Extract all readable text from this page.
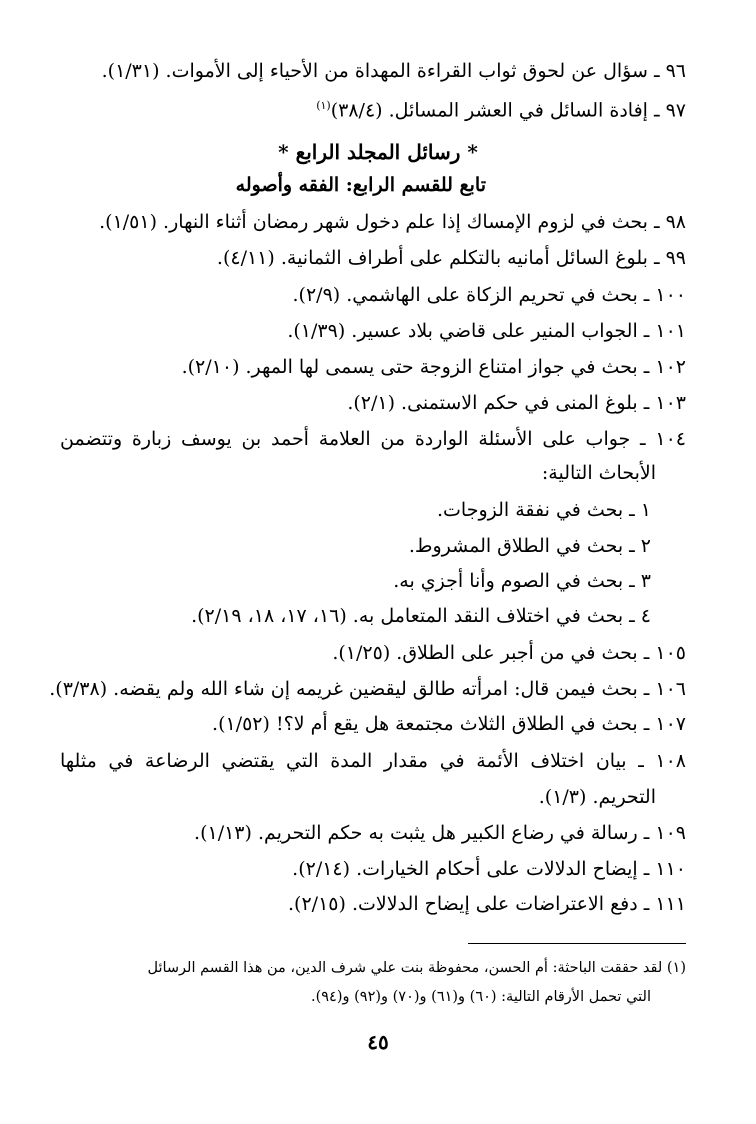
٩٦ ـ سؤال عن لحوق ثواب القراءة المهداة من الأحياء إلى الأموات. (١/٣١).
٩٧ ـ إفادة السائل في العشر المسائل. (٣٨/٤)$^{(١)}$
* رسائل المجلد الرابع *
تابع للقسم الرابع: الفقه وأصوله
٩٨ ـ بحث في لزوم الإمساك إذا علم دخول شهر رمضان أثناء النهار. (١/٥١).
٩٩ ـ بلوغ السائل أمانيه بالتكلم على أطراف الثمانية. (٤/١١).
١٠٠ ـ بحث في تحريم الزكاة على الهاشمي. (٢/٩).
١٠١ ـ الجواب المنير على قاضي بلاد عسير. (١/٣٩).
١٠٢ ـ بحث في جواز امتناع الزوجة حتى يسمى لها المهر. (٢/١٠).
١٠٣ ـ بلوغ المنى في حكم الاستمنى. (٢/١).
١٠٤ ـ جواب على الأسئلة الواردة من العلامة أحمد بن يوسف زبارة وتتضمن
الأبحاث التالية:
١ ـ بحث في نفقة الزوجات.
٢ ـ بحث في الطلاق المشروط.
٣ ـ بحث في الصوم وأنا أجزي به.
٤ ـ بحث في اختلاف النقد المتعامل به. (١٦، ١٧، ١٨، ٢/١٩).
١٠٥ ـ بحث في من أجبر على الطلاق. (١/٢٥).
١٠٦ ـ بحث فيمن قال: امرأته طالق ليقضين غريمه إن شاء الله ولم يقضه. (٣/٣٨).
١٠٧ ـ بحث في الطلاق الثلاث مجتمعة هل يقع أم لا؟! (١/٥٢).
١٠٨ ـ بيان اختلاف الأئمة في مقدار المدة التي يقتضي الرضاعة في مثلها
التحريم. (١/٣).
١٠٩ ـ رسالة في رضاع الكبير هل يثبت به حكم التحريم. (١/١٣).
١١٠ ـ إيضاح الدلالات على أحكام الخيارات. (٢/١٤).
١١١ ـ دفع الاعتراضات على إيضاح الدلالات. (٢/١٥).
(١) لقد حققت الباحثة: أم الحسن، محفوظة بنت علي شرف الدين، من هذا القسم الرسائل
التي تحمل الأرقام التالية: (٦٠) و(٦١) و(٧٠) و(٩٢) و(٩٤).
٤٥
